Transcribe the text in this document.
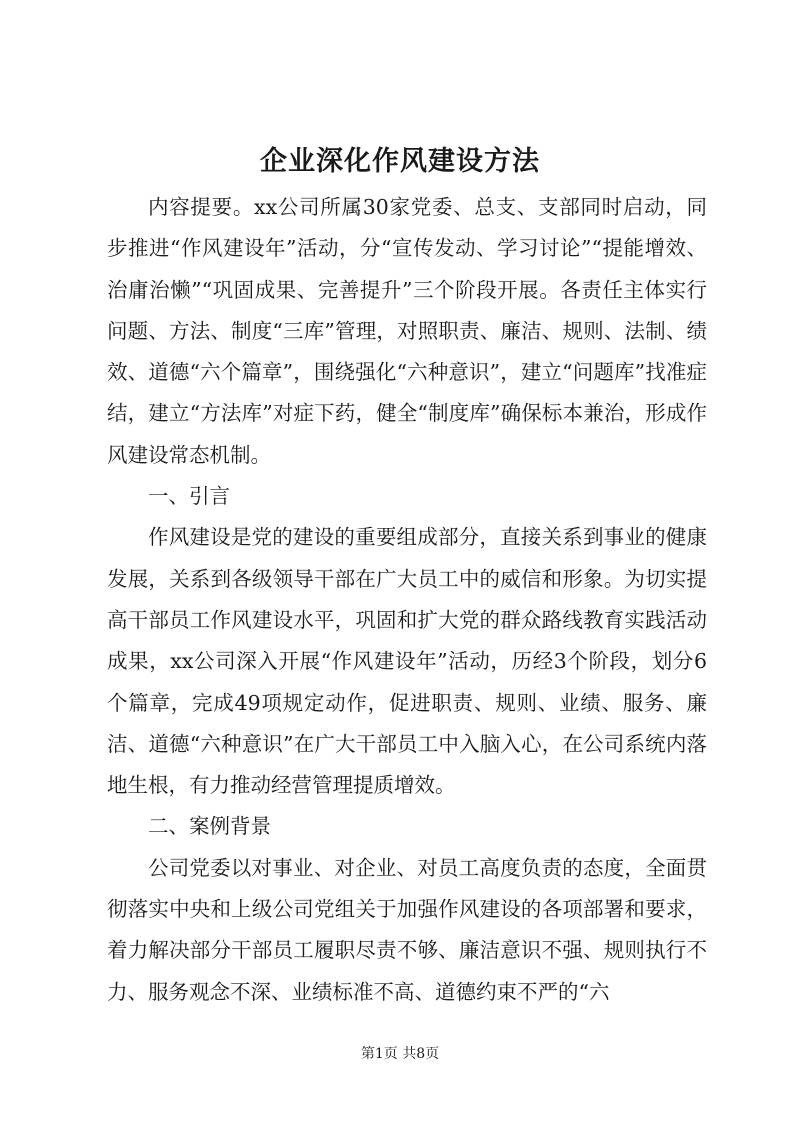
企业深化作风建设方法

内容提要。xx公司所属30家党委、总支、支部同时启动，同步推进“作风建设年”活动，分“宣传发动、学习讨论”“提能增效、治庸治懒”“巩固成果、完善提升”三个阶段开展。各责任主体实行问题、方法、制度“三库”管理，对照职责、廉洁、规则、法制、绩效、道德“六个篇章”，围绕强化“六种意识”，建立“问题库”找准症结，建立“方法库”对症下药，健全“制度库”确保标本兼治，形成作风建设常态机制。

一、引言

作风建设是党的建设的重要组成部分，直接关系到事业的健康发展，关系到各级领导干部在广大员工中的威信和形象。为切实提高干部员工作风建设水平，巩固和扩大党的群众路线教育实践活动成果，xx公司深入开展“作风建设年”活动，历经3个阶段，划分6个篇章，完成49项规定动作，促进职责、规则、业绩、服务、廉洁、道德“六种意识”在广大干部员工中入脑入心，在公司系统内落地生根，有力推动经营管理提质增效。

二、案例背景

公司党委以对事业、对企业、对员工高度负责的态度，全面贯彻落实中央和上级公司党组关于加强作风建设的各项部署和要求，着力解决部分干部员工履职尽责不够、廉洁意识不强、规则执行不力、服务观念不深、业绩标准不高、道德约束不严的“六

第1页 共8页
